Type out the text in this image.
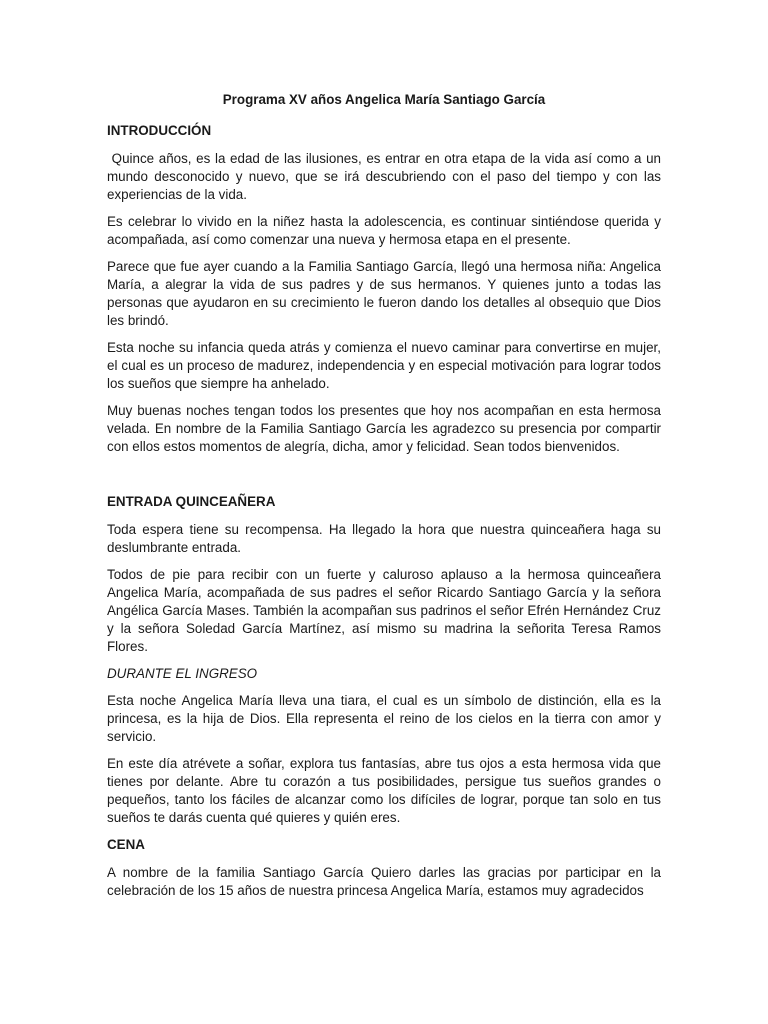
Programa XV años Angelica María Santiago García
INTRODUCCIÓN
Quince años, es la edad de las ilusiones, es entrar en otra etapa de la vida así como a un mundo desconocido y nuevo, que se irá descubriendo con el paso del tiempo y con las experiencias de la vida.
Es celebrar lo vivido en la niñez hasta la adolescencia, es continuar sintiéndose querida y acompañada, así como comenzar una nueva y hermosa etapa en el presente.
Parece que fue ayer cuando a la Familia Santiago García, llegó una hermosa niña: Angelica María, a alegrar la vida de sus padres y de sus hermanos. Y quienes junto a todas las personas que ayudaron en su crecimiento le fueron dando los detalles al obsequio que Dios les brindó.
Esta noche su infancia queda atrás y comienza el nuevo caminar para convertirse en mujer, el cual es un proceso de madurez, independencia y en especial motivación para lograr todos los sueños que siempre ha anhelado.
Muy buenas noches tengan todos los presentes que hoy nos acompañan en esta hermosa velada. En nombre de la Familia Santiago García les agradezco su presencia por compartir con ellos estos momentos de alegría, dicha, amor y felicidad. Sean todos bienvenidos.
ENTRADA QUINCEAÑERA
Toda espera tiene su recompensa. Ha llegado la hora que nuestra quinceañera haga su deslumbrante entrada.
Todos de pie para recibir con un fuerte y caluroso aplauso a la hermosa quinceañera Angelica María, acompañada de sus padres el señor Ricardo Santiago García y la señora Angélica García Mases. También la acompañan sus padrinos el señor Efrén Hernández Cruz y la señora Soledad García Martínez, así mismo su madrina la señorita Teresa Ramos Flores.
DURANTE EL INGRESO
Esta noche Angelica María lleva una tiara, el cual es un símbolo de distinción, ella es la princesa, es la hija de Dios. Ella representa el reino de los cielos en la tierra con amor y servicio.
En este día atrévete a soñar, explora tus fantasías, abre tus ojos a esta hermosa vida que tienes por delante. Abre tu corazón a tus posibilidades, persigue tus sueños grandes o pequeños, tanto los fáciles de alcanzar como los difíciles de lograr, porque tan solo en tus sueños te darás cuenta qué quieres y quién eres.
CENA
A nombre de la familia Santiago García Quiero darles las gracias por participar en la celebración de los 15 años de nuestra princesa Angelica María, estamos muy agradecidos
